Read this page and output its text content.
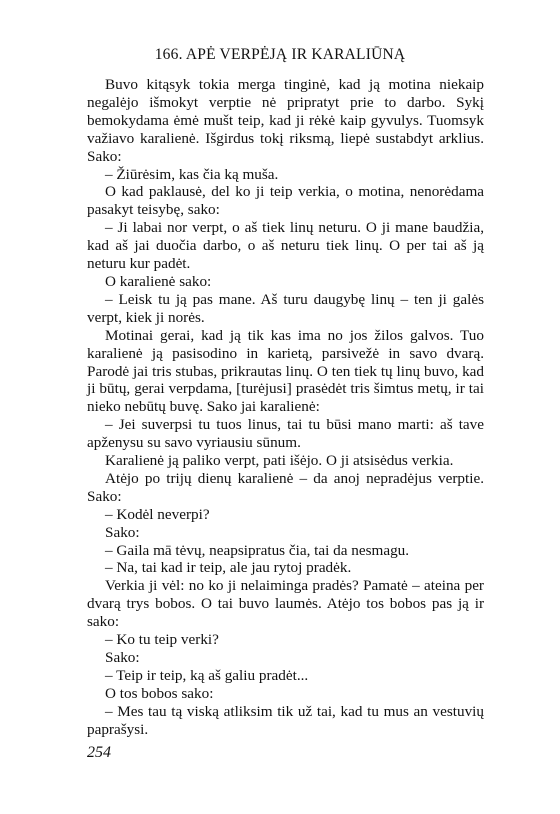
166. APĖ VERPĖJĄ IR KARALIŪNĄ

Buvo kitąsyk tokia merga tinginė, kad ją motina niekaip negalėjo išmokyt verptie nė pripratyt prie to darbo. Sykį bemokydama ėmė mušt teip, kad ji rėkė kaip gyvulys. Tuomsyk važiavo karalienė. Išgirdus tokį riksmą, liepė sustabdyt arklius. Sako:

– Žiūrėsim, kas čia ką muša.

O kad paklausė, del ko ji teip verkia, o motina, nenorėdama pasakyt teisybę, sako:

– Ji labai nor verpt, o aš tiek linų neturu. O ji mane baudžia, kad aš jai duočia darbo, o aš neturu tiek linų. O per tai aš ją neturu kur padėt.

O karalienė sako:

– Leisk tu ją pas mane. Aš turu daugybę linų – ten ji galės verpt, kiek ji norės.

Motinai gerai, kad ją tik kas ima no jos žilos galvos. Tuo karalienė ją pasisodino in karietą, parsivežė in savo dvarą. Parodė jai tris stubas, prikrautas linų. O ten tiek tų linų buvo, kad ji būtų, gerai verpdama, [turėjusi] prasėdėt tris šimtus metų, ir tai nieko nebūtų buvę. Sako jai karalienė:

– Jei suverpsi tu tuos linus, tai tu būsi mano marti: aš tave apženysu su savo vyriausiu sūnum.

Karalienė ją paliko verpt, pati išėjo. O ji atsisėdus verkia.

Atėjo po trijų dienų karalienė – da anoj nepradėjus verptie. Sako:

– Kodėl neverpi?

Sako:

– Gaila mā tėvų, neapsipratus čia, tai da nesmagu.

– Na, tai kad ir teip, ale jau rytoj pradėk.

Verkia ji vėl: no ko ji nelaiminga pradės? Pamatė – ateina per dvarą trys bobos. O tai buvo laumės. Atėjo tos bobos pas ją ir sako:

– Ko tu teip verki?

Sako:

– Teip ir teip, ką aš galiu pradėt...

O tos bobos sako:

– Mes tau tą viską atliksim tik už tai, kad tu mus an vestuvių paprašysi.

254
